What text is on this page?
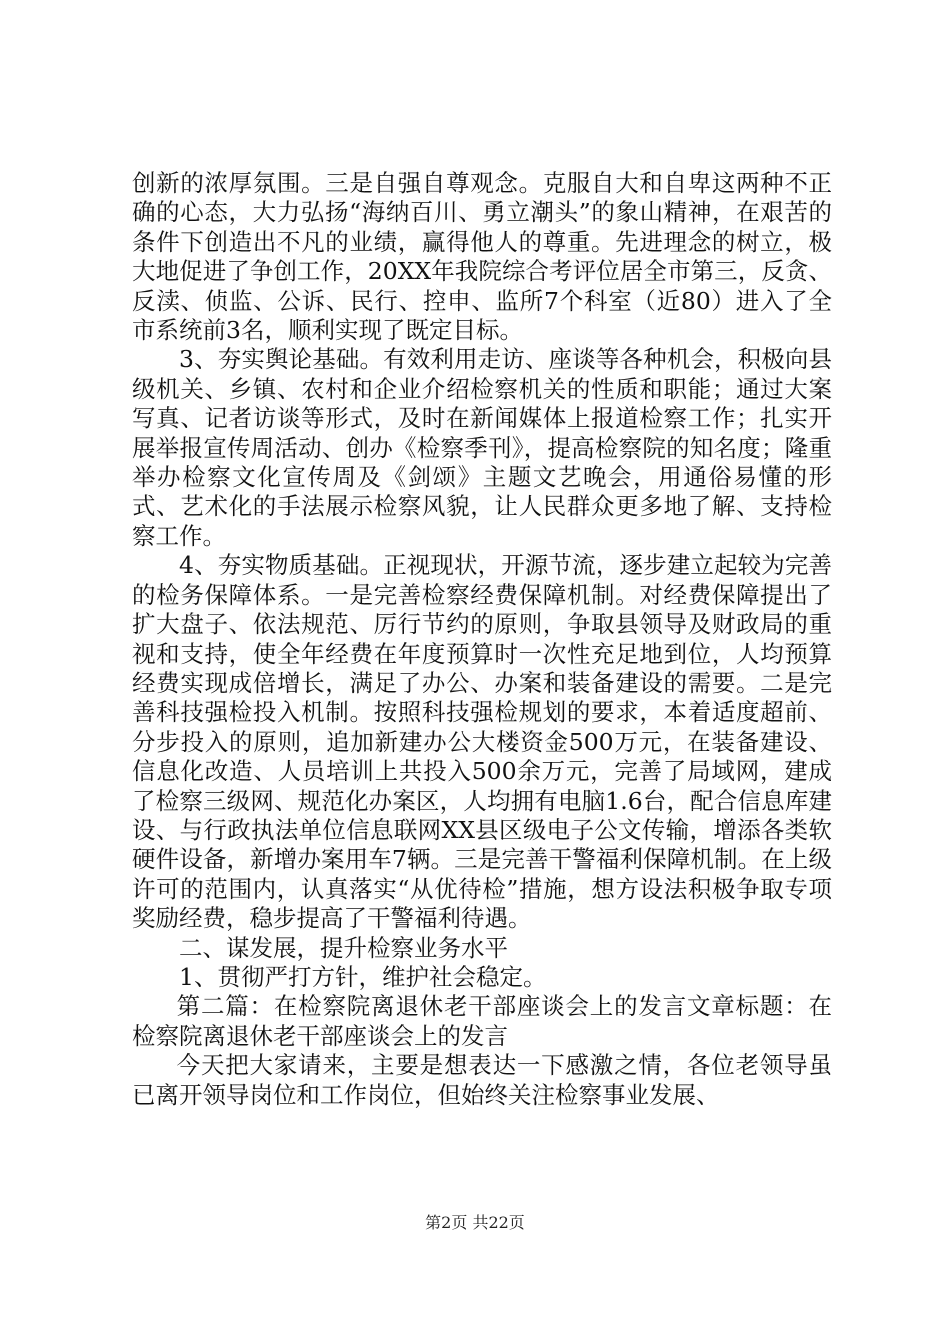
创新的浓厚氛围。三是自强自尊观念。克服自大和自卑这两种不正确的心态，大力弘扬“海纳百川、勇立潮头”的象山精神，在艰苦的条件下创造出不凡的业绩，赢得他人的尊重。先进理念的树立，极大地促进了争创工作，20XX年我院综合考评位居全市第三，反贪、反渎、侦监、公诉、民行、控申、监所7个科室（近80）进入了全市系统前3名，顺利实现了既定目标。

3、夯实舆论基础。有效利用走访、座谈等各种机会，积极向县级机关、乡镇、农村和企业介绍检察机关的性质和职能；通过大案写真、记者访谈等形式，及时在新闻媒体上报道检察工作；扎实开展举报宣传周活动、创办《检察季刊》，提高检察院的知名度；隆重举办检察文化宣传周及《剑颂》主题文艺晚会，用通俗易懂的形式、艺术化的手法展示检察风貌，让人民群众更多地了解、支持检察工作。

4、夯实物质基础。正视现状，开源节流，逐步建立起较为完善的检务保障体系。一是完善检察经费保障机制。对经费保障提出了扩大盘子、依法规范、厉行节约的原则，争取县领导及财政局的重视和支持，使全年经费在年度预算时一次性充足地到位，人均预算经费实现成倍增长，满足了办公、办案和装备建设的需要。二是完善科技强检投入机制。按照科技强检规划的要求，本着适度超前、分步投入的原则，追加新建办公大楼资金500万元，在装备建设、信息化改造、人员培训上共投入500余万元，完善了局域网，建成了检察三级网、规范化办案区，人均拥有电脑1.6台，配合信息库建设、与行政执法单位信息联网XX县区级电子公文传输，增添各类软硬件设备，新增办案用车7辆。三是完善干警福利保障机制。在上级许可的范围内，认真落实“从优待检”措施，想方设法积极争取专项奖励经费，稳步提高了干警福利待遇。

二、谋发展，提升检察业务水平

1、贯彻严打方针，维护社会稳定。

第二篇：在检察院离退休老干部座谈会上的发言文章标题：在检察院离退休老干部座谈会上的发言

今天把大家请来，主要是想表达一下感激之情，各位老领导虽已离开领导岗位和工作岗位，但始终关注检察事业发展、

第2页 共22页
